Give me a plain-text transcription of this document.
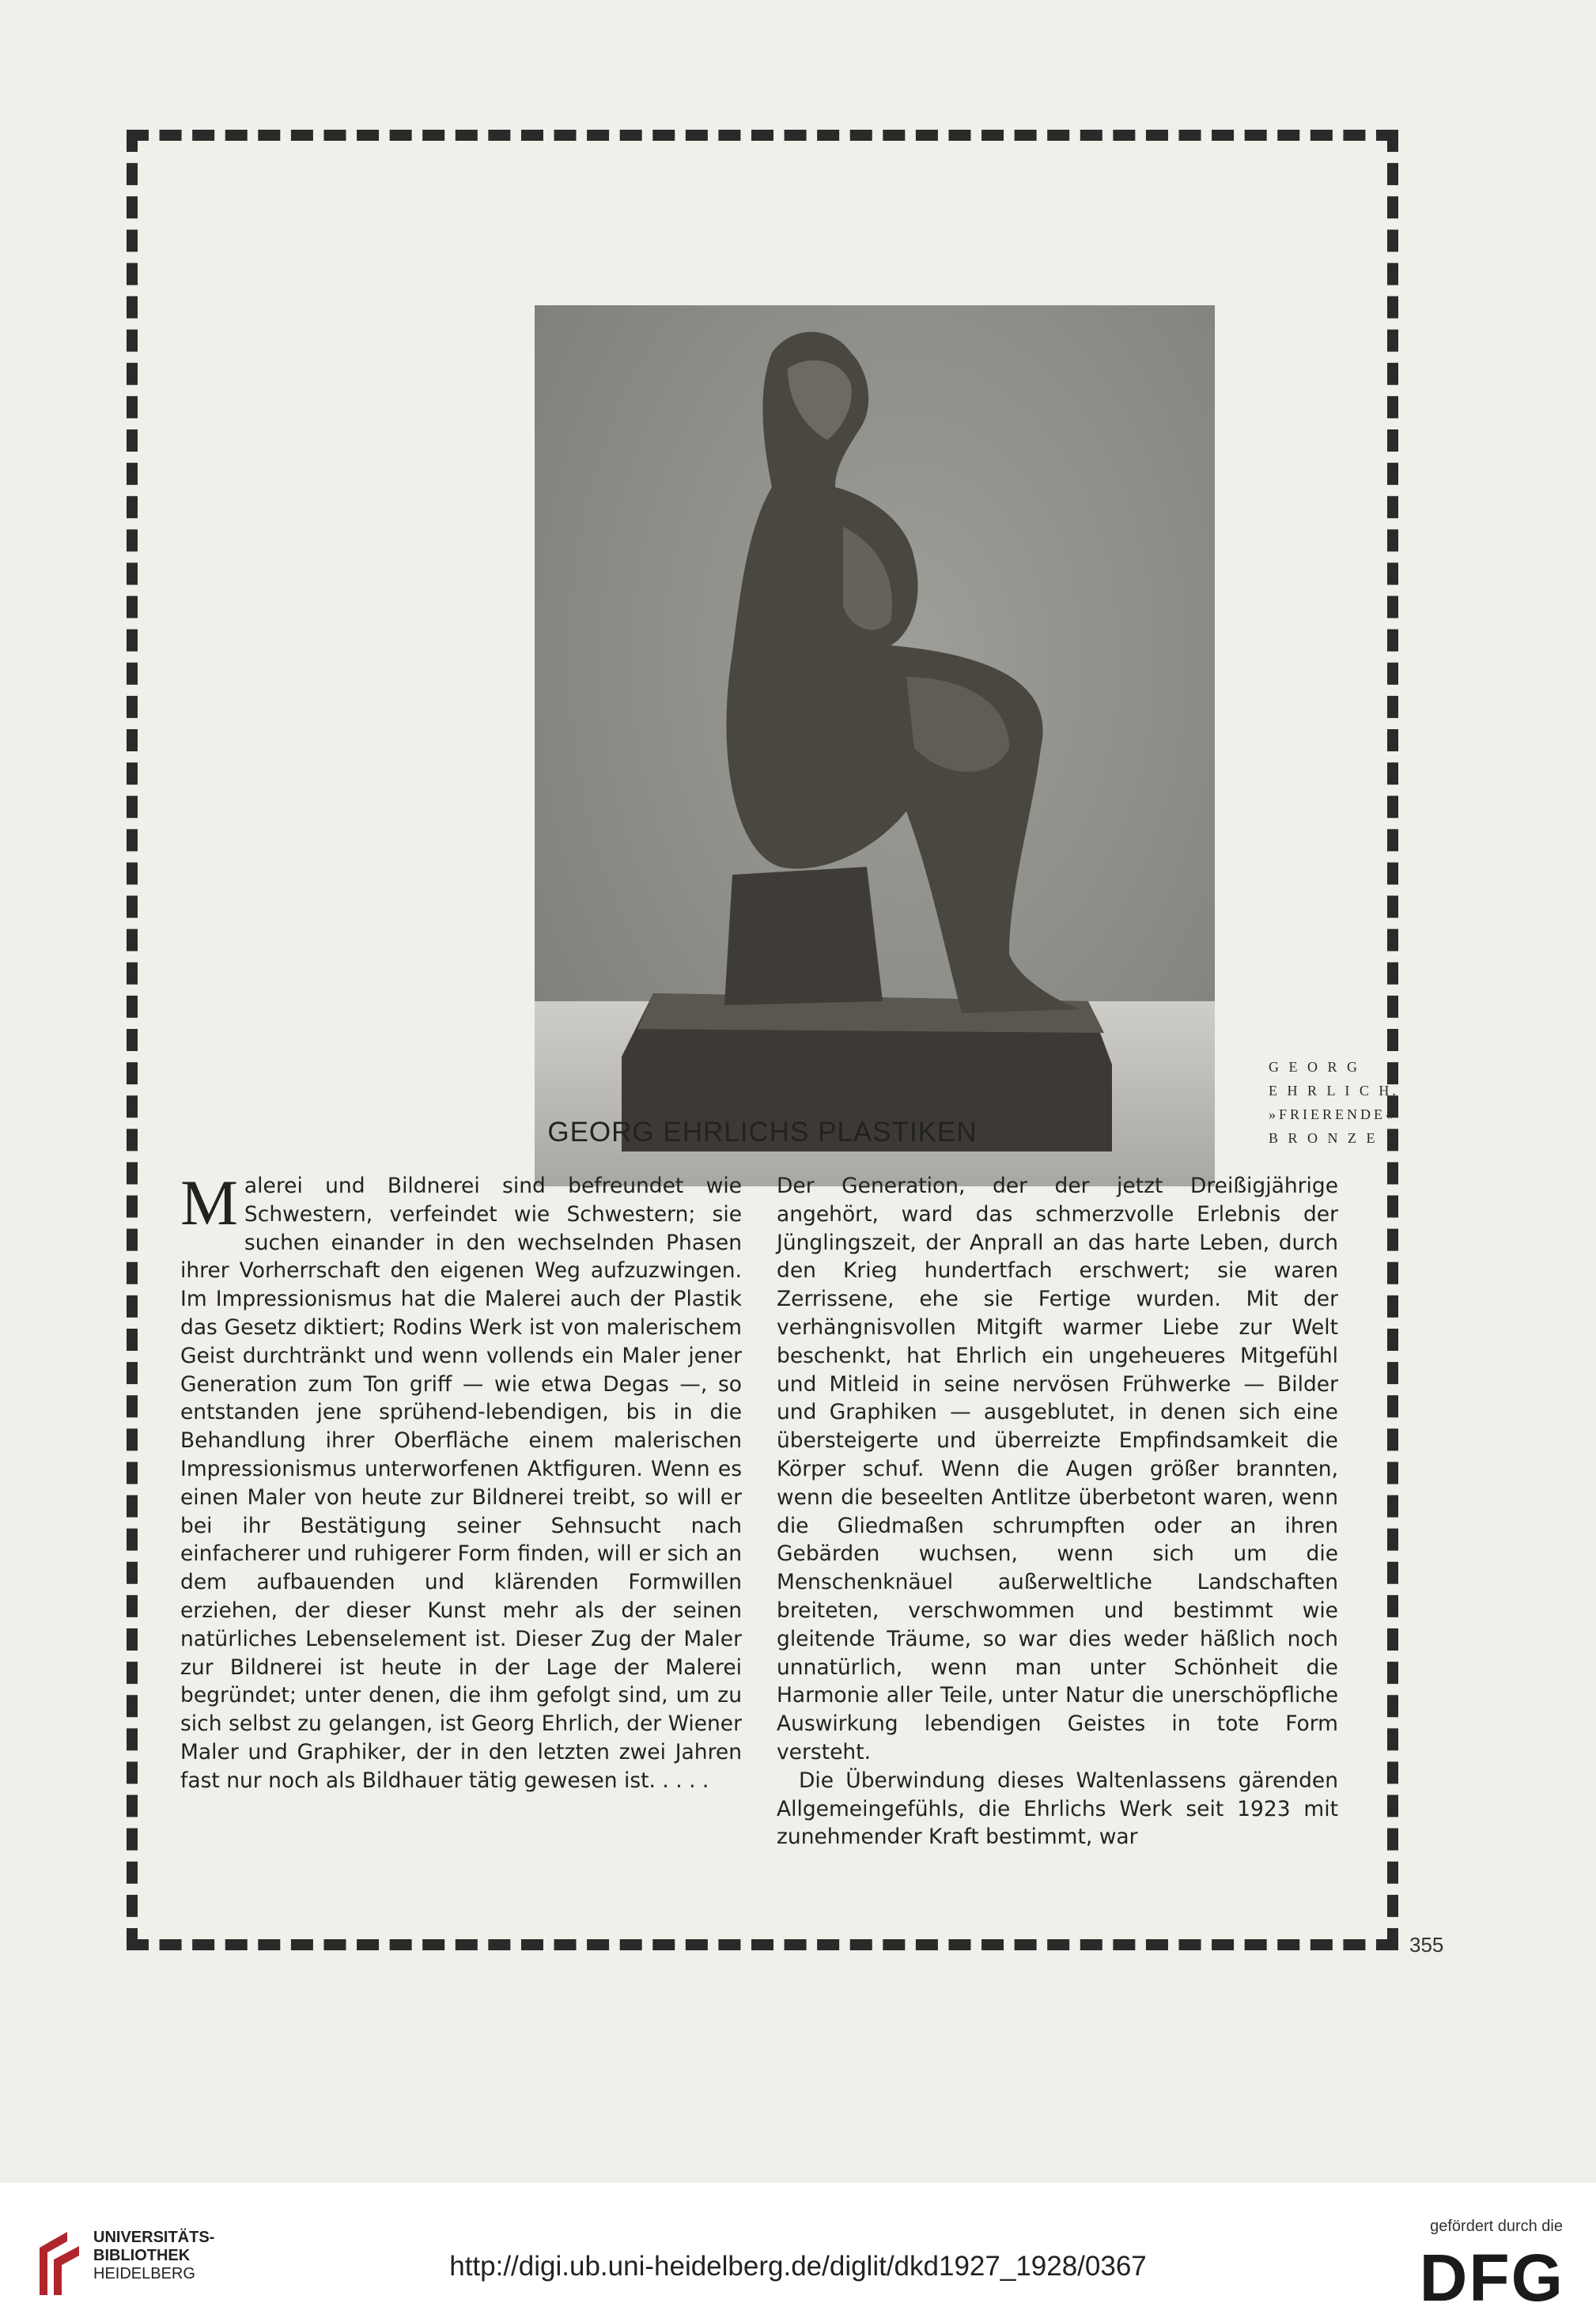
G E O R G
E H R L I C H.
»FRIERENDE«
B R O N Z E
GEORG EHRLICHS PLASTIKEN

Malerei und Bildnerei sind befreundet wie Schwestern, verfeindet wie Schwestern; sie suchen einander in den wechselnden Phasen ihrer Vorherrschaft den eigenen Weg aufzuzwingen. Im Impressionismus hat die Malerei auch der Plastik das Gesetz diktiert; Rodins Werk ist von malerischem Geist durchtränkt und wenn vollends ein Maler jener Generation zum Ton griff — wie etwa Degas —, so entstanden jene sprühend-lebendigen, bis in die Behandlung ihrer Oberfläche einem malerischen Impressionismus unterworfenen Aktfiguren. Wenn es einen Maler von heute zur Bildnerei treibt, so will er bei ihr Bestätigung seiner Sehnsucht nach einfacherer und ruhigerer Form finden, will er sich an dem aufbauenden und klärenden Formwillen erziehen, der dieser Kunst mehr als der seinen natürliches Lebenselement ist. Dieser Zug der Maler zur Bildnerei ist heute in der Lage der Malerei begründet; unter denen, die ihm gefolgt sind, um zu sich selbst zu gelangen, ist Georg Ehrlich, der Wiener Maler und Graphiker, der in den letzten zwei Jahren fast nur noch als Bildhauer tätig gewesen ist. . . . .

Der Generation, der der jetzt Dreißigjährige angehört, ward das schmerzvolle Erlebnis der Jünglingszeit, der Anprall an das harte Leben, durch den Krieg hundertfach erschwert; sie waren Zerrissene, ehe sie Fertige wurden. Mit der verhängnisvollen Mitgift warmer Liebe zur Welt beschenkt, hat Ehrlich ein ungeheueres Mitgefühl und Mitleid in seine nervösen Frühwerke — Bilder und Graphiken — ausgeblutet, in denen sich eine übersteigerte und überreizte Empfindsamkeit die Körper schuf. Wenn die Augen größer brannten, wenn die beseelten Antlitze überbetont waren, wenn die Gliedmaßen schrumpften oder an ihren Gebärden wuchsen, wenn sich um die Menschenknäuel außerweltliche Landschaften breiteten, verschwommen und bestimmt wie gleitende Träume, so war dies weder häßlich noch unnatürlich, wenn man unter Schönheit die Harmonie aller Teile, unter Natur die unerschöpfliche Auswirkung lebendigen Geistes in tote Form versteht.

Die Überwindung dieses Waltenlassens gärenden Allgemeingefühls, die Ehrlichs Werk seit 1923 mit zunehmender Kraft bestimmt, war

355
UNIVERSITÄTS-
BIBLIOTHEK
HEIDELBERG	http://digi.ub.uni-heidelberg.de/diglit/dkd1927_1928/0367
gefördert durch die
DFG
